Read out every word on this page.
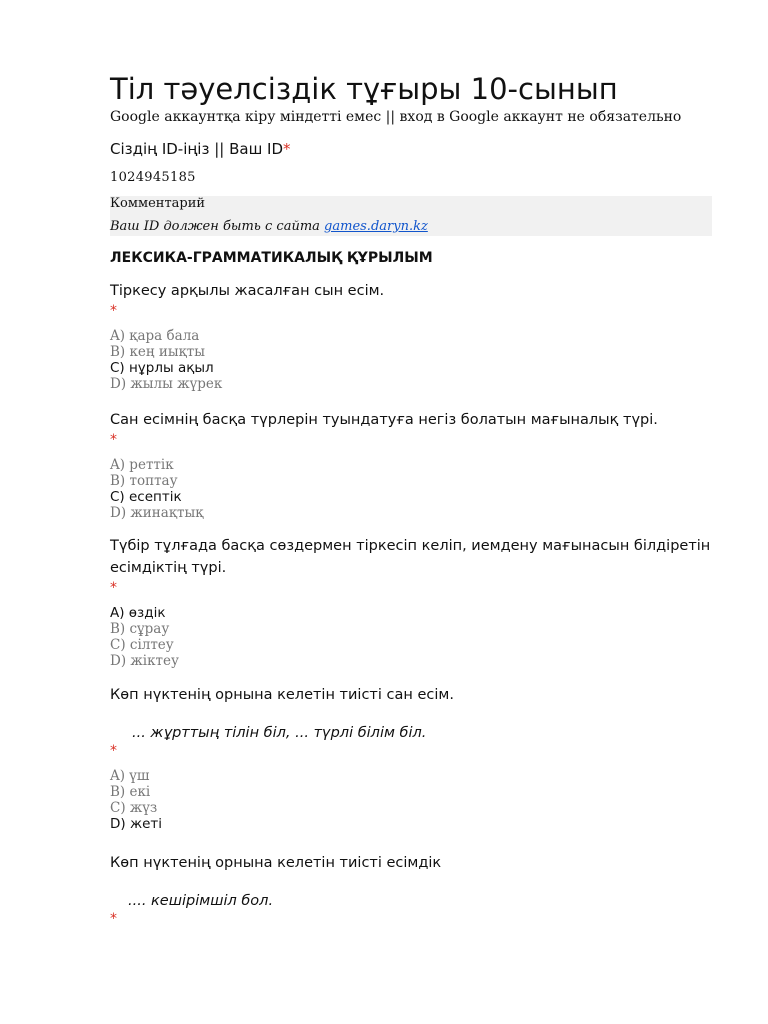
Тіл тәуелсіздік тұғыры 10-сынып
Google аккаунтқа кіру міндетті емес || вход в Google аккаунт не обязательно
Сіздің ID-іңіз || Ваш ID*
1024945185
Комментарий
Ваш ID должен быть с сайта games.daryn.kz
ЛЕКСИКА-ГРАММАТИКАЛЫҚ ҚҰРЫЛЫМ
Тіркесу арқылы жасалған сын есім.
*
A) қара бала
B) кең иықты
C) нұрлы ақыл
D) жылы жүрек
Сан есімнің басқа түрлерін туындатуға негіз болатын мағыналық түрі.
*
A) реттік
B) топтау
C) есептік
D) жинақтық
Түбір тұлғада басқа сөздермен тіркесіп келіп, иемдену мағынасын білдіретін есімдіктің түрі.
*
A) өздік
B) сұрау
C) сілтеу
D) жіктеу
Көп нүктенің орнына келетін тиісті сан есім.
... жұрттың тілін біл, ... түрлі білім біл.
*
A) үш
B) екі
C) жүз
D) жеті
Көп нүктенің орнына келетін тиісті есімдік
.... кешірімшіл бол.
*
